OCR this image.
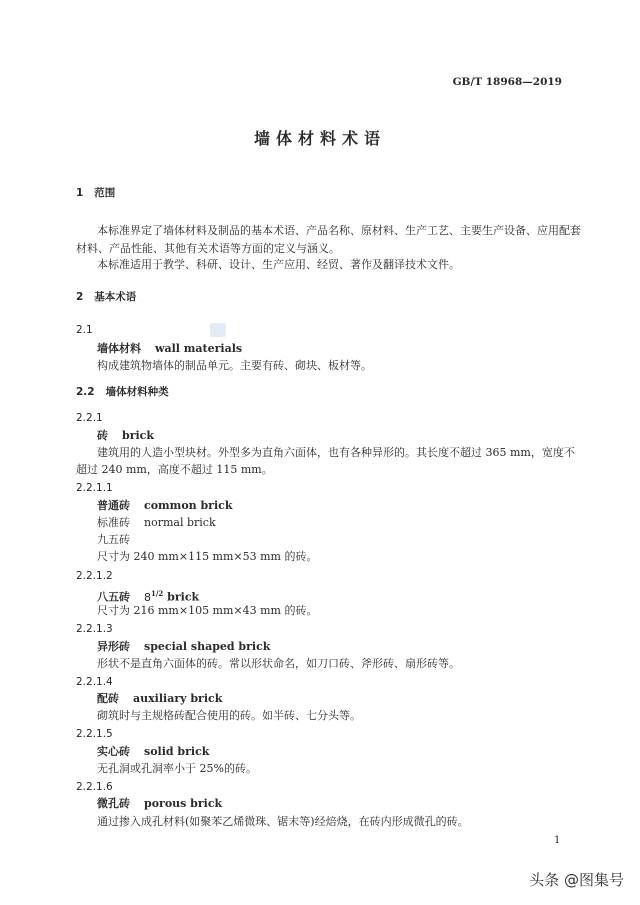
GB/T 18968—2019
墙体材料术语
1 范围
本标准界定了墙体材料及制品的基本术语、产品名称、原材料、生产工艺、主要生产设备、应用配套
材料、产品性能、其他有关术语等方面的定义与涵义。
本标准适用于教学、科研、设计、生产应用、经贸、著作及翻译技术文件。
2 基本术语
2.1
墙体材料 wall materials
构成建筑物墙体的制品单元。主要有砖、砌块、板材等。
2.2 墙体材料种类
2.2.1
砖 brick
建筑用的人造小型块材。外型多为直角六面体，也有各种异形的。其长度不超过 365 mm，宽度不
超过 240 mm，高度不超过 115 mm。
2.2.1.1
普通砖 common brick
标准砖 normal brick
九五砖
尺寸为 240 mm×115 mm×53 mm 的砖。
2.2.1.2
八五砖 $8^{1/2}$ brick
尺寸为 216 mm×105 mm×43 mm 的砖。
2.2.1.3
异形砖 special shaped brick
形状不是直角六面体的砖。常以形状命名，如刀口砖、斧形砖、扇形砖等。
2.2.1.4
配砖 auxiliary brick
砌筑时与主规格砖配合使用的砖。如半砖、七分头等。
2.2.1.5
实心砖 solid brick
无孔洞或孔洞率小于 25%的砖。
2.2.1.6
微孔砖 porous brick
通过掺入成孔材料(如聚苯乙烯微珠、锯末等)经焙烧，在砖内形成微孔的砖。
1
头条 @图集号
